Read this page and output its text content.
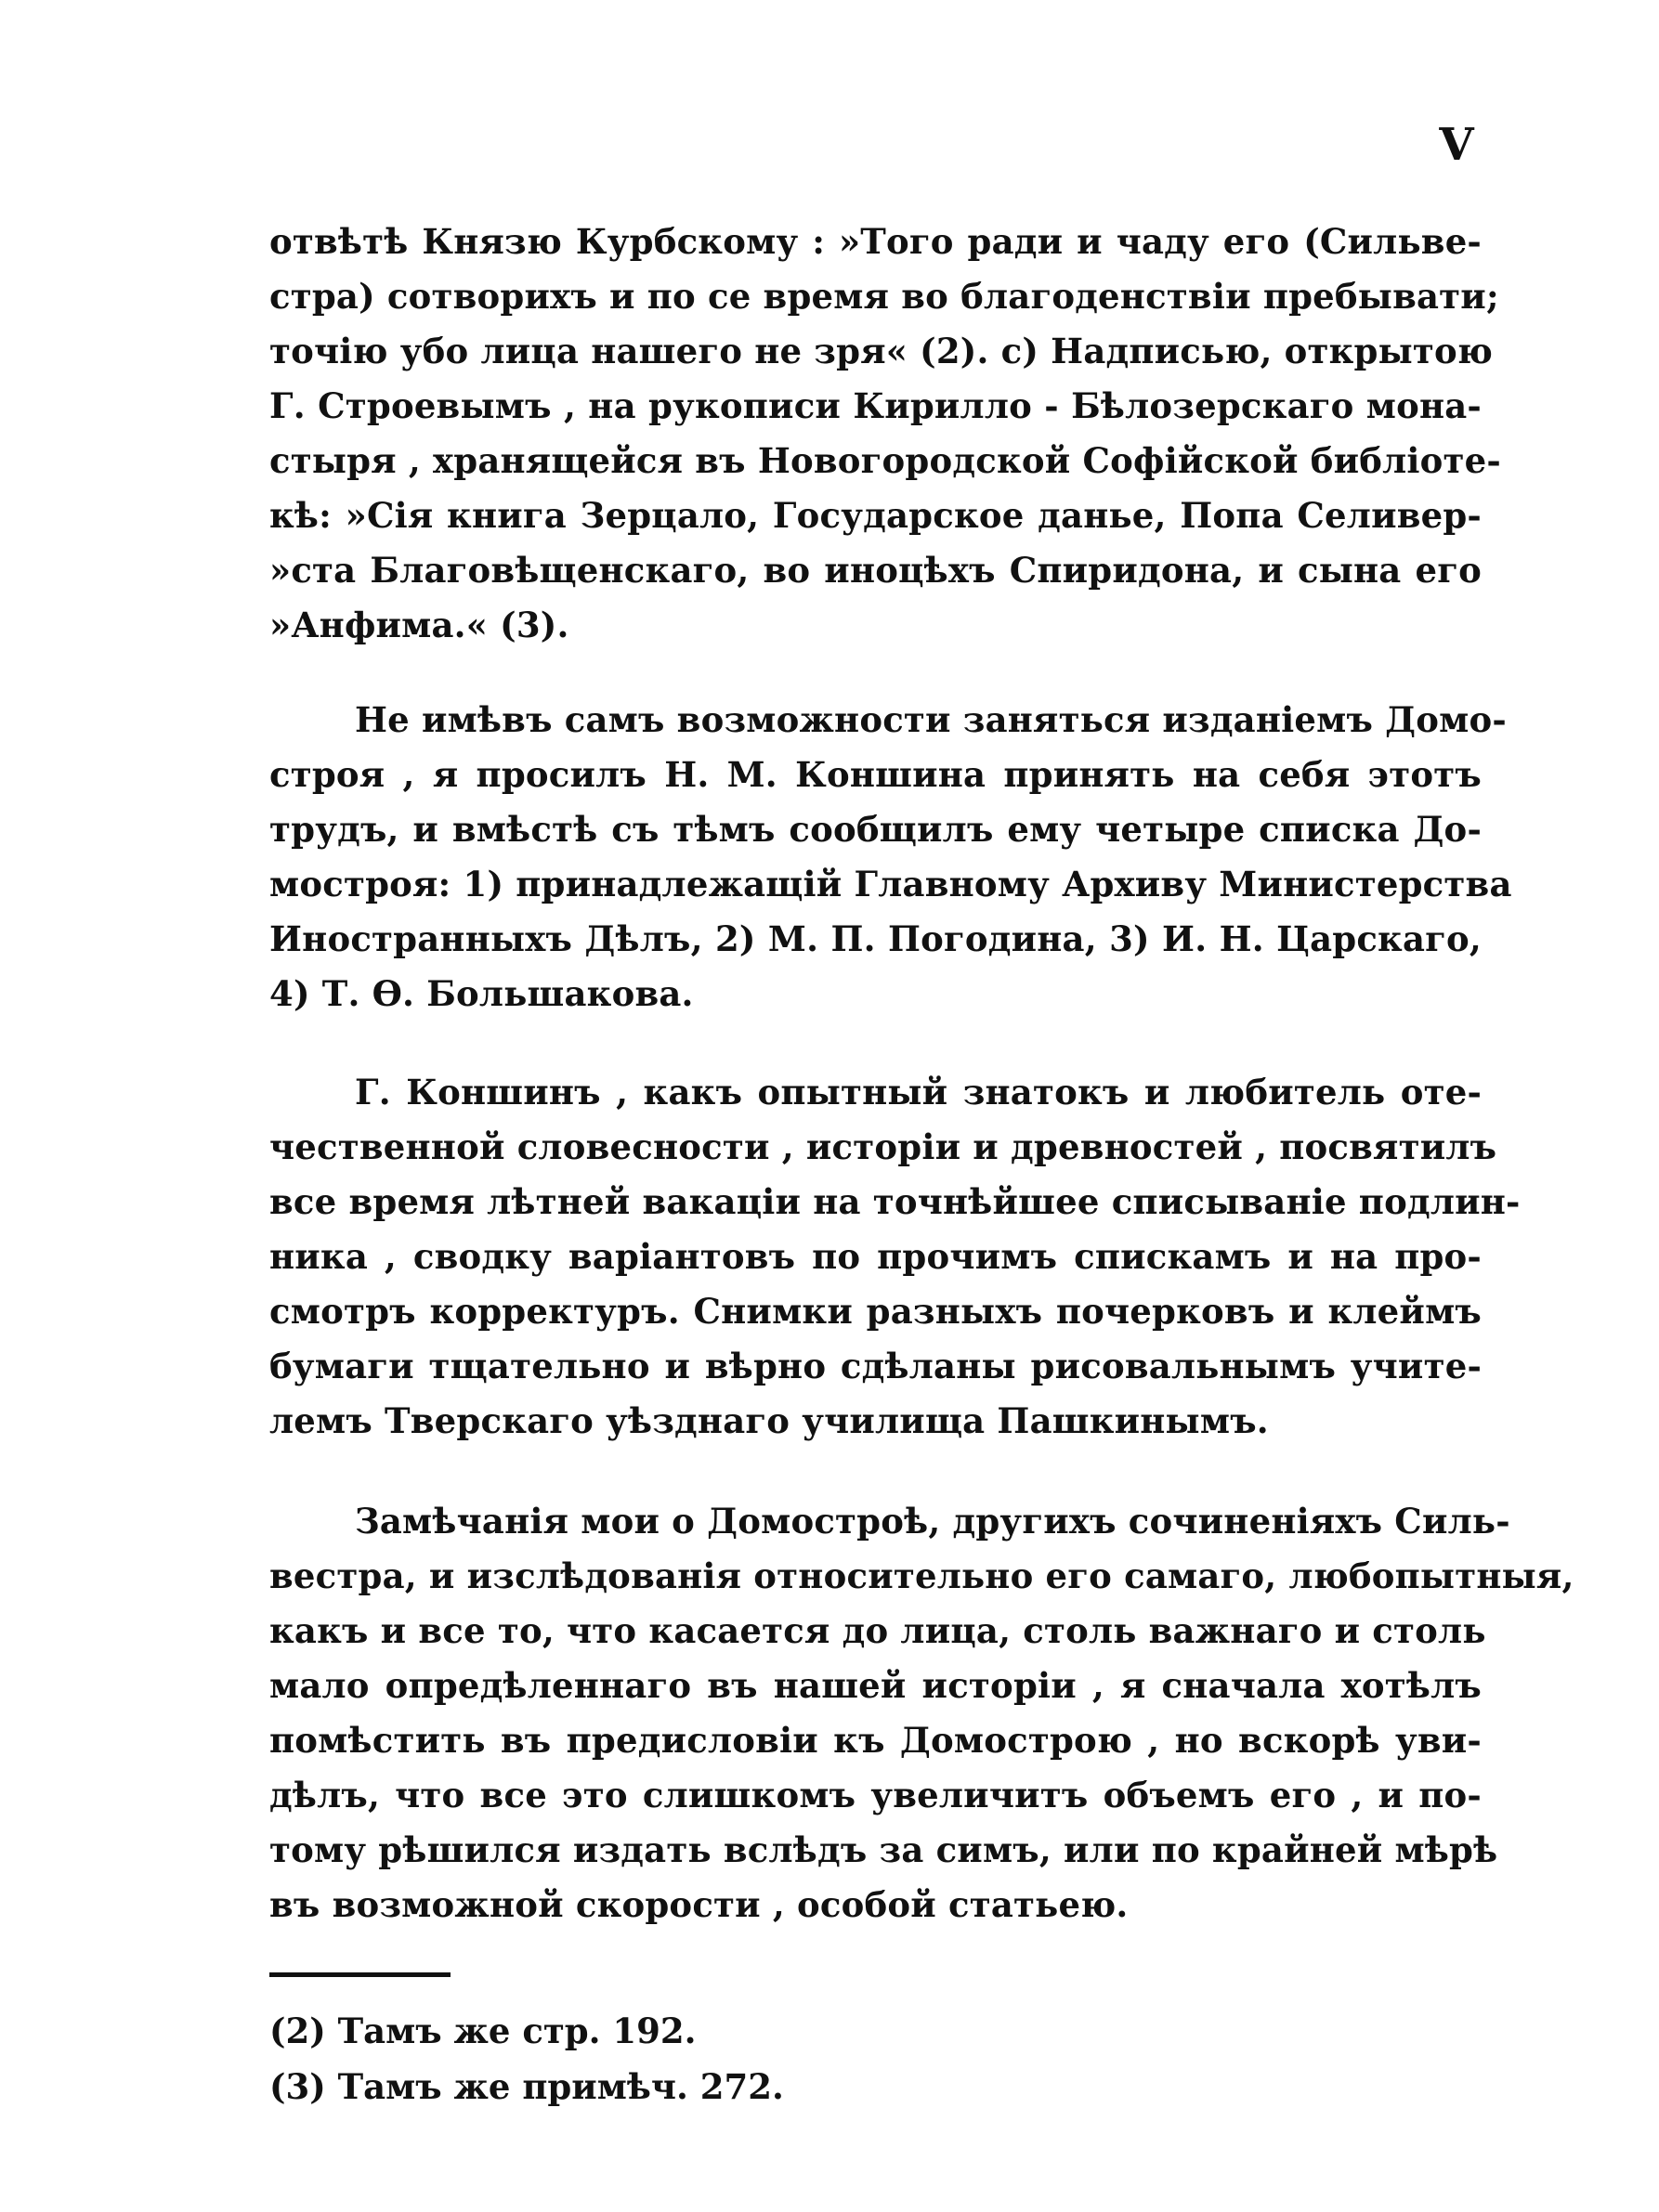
V
отвѣтѣ Князю Курбскому : »Того ради и чаду его (Сильве-
стра) сотворихъ и по се время во благоденствіи пребывати;
точію убо лица нашего не зря« (2). с) Надписью, открытою
Г. Строевымъ , на рукописи Кирилло - Бѣлозерскаго мона-
стыря , хранящейся въ Новогородской Софійской библіоте-
кѣ: »Сія книга Зерцало, Государское данье, Попа Селивер-
»ста Благовѣщенскаго, во иноцѣхъ Спиридона, и сына его
»Анфима.« (3).
Не имѣвъ самъ возможности заняться изданіемъ Домо-
строя , я просилъ Н. М. Коншина принять на себя этотъ
трудъ, и вмѣстѣ съ тѣмъ сообщилъ ему четыре списка До-
мостроя: 1) принадлежащій Главному Архиву Министерства
Иностранныхъ Дѣлъ, 2) М. П. Погодина, 3) И. Н. Царскаго,
4) Т. Ѳ. Большакова.
Г. Коншинъ , какъ опытный знатокъ и любитель оте-
чественной словесности , исторіи и древностей , посвятилъ
все время лѣтней вакаціи на точнѣйшее списываніе подлин-
ника , сводку варіантовъ по прочимъ спискамъ и на про-
смотръ корректуръ. Снимки разныхъ почерковъ и клеймъ
бумаги тщательно и вѣрно сдѣланы рисовальнымъ учите-
лемъ Тверскаго уѣзднаго училища Пашкинымъ.
Замѣчанія мои о Домостроѣ, другихъ сочиненіяхъ Силь-
вестра, и изслѣдованія относительно его самаго, любопытныя,
какъ и все то, что касается до лица, столь важнаго и столь
мало опредѣленнаго въ нашей исторіи , я сначала хотѣлъ
помѣстить въ предисловіи къ Домострою , но вскорѣ уви-
дѣлъ, что все это слишкомъ увеличитъ объемъ его , и по-
тому рѣшился издать вслѣдъ за симъ, или по крайней мѣрѣ
въ возможной скорости , особой статьею.
(2) Тамъ же стр. 192.
(3) Тамъ же примѣч. 272.
